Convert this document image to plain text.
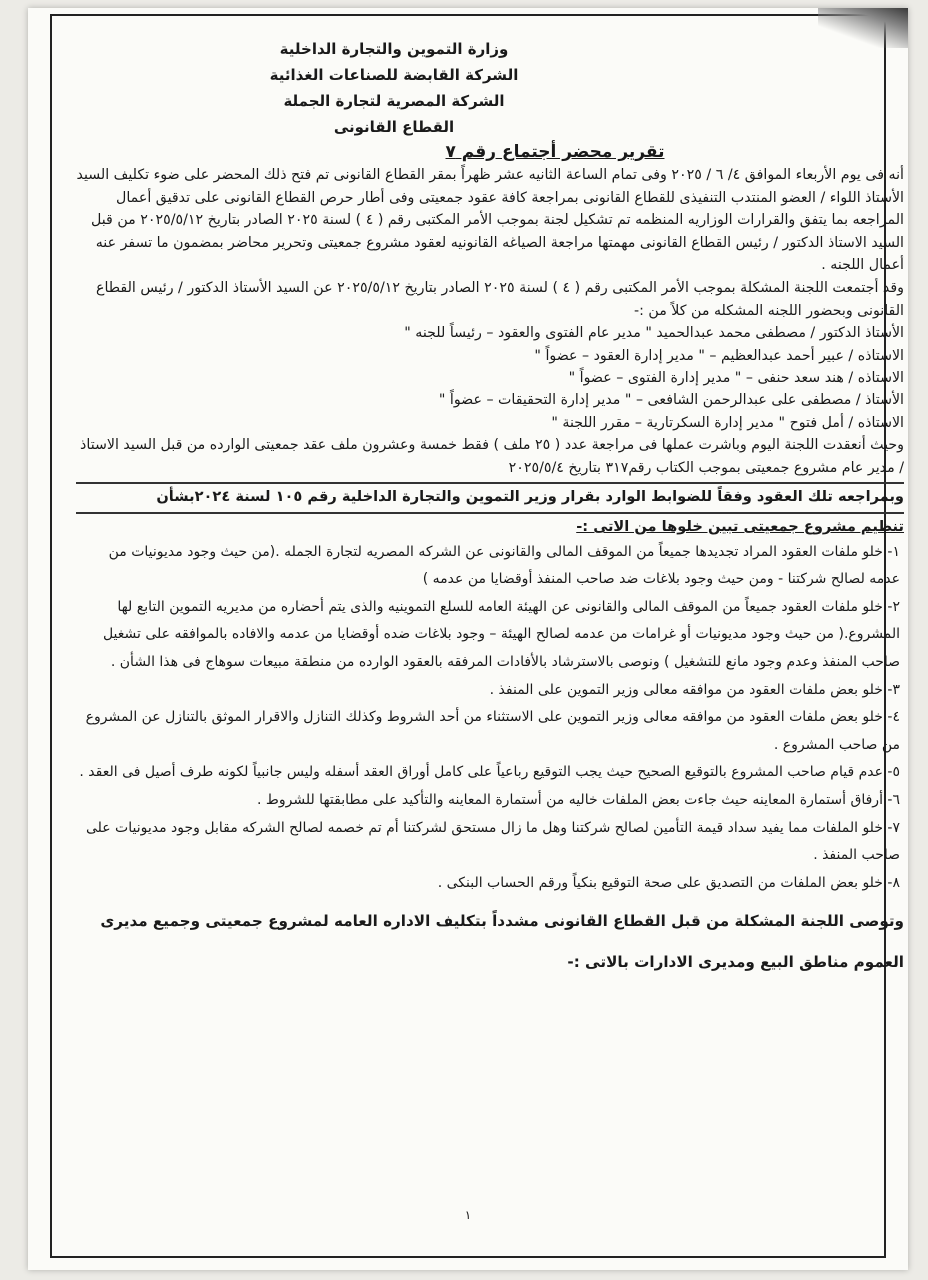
وزارة التموين والتجارة الداخلية
الشركة القابضة للصناعات الغذائية
الشركة المصرية لتجارة الجملة
القطاع القانونى
تقرير محضر أجتماع رقم ٧

أنه فى يوم الأربعاء الموافق ٤/ ٦ / ٢٠٢٥ وفى تمام الساعة الثانيه عشر ظهراً بمقر القطاع القانونى تم فتح ذلك المحضر على ضوء تكليف السيد الأستاذ اللواء / العضو المنتدب التنفيذى للقطاع القانونى بمراجعة كافة عقود جمعيتى وفى أطار حرص القطاع القانونى على تدقيق أعمال المراجعه بما يتفق والقرارات الوزاريه المنظمه تم تشكيل لجنة بموجب الأمر المكتبى رقم ( ٤ ) لسنة ٢٠٢٥ الصادر بتاريخ ٢٠٢٥/٥/١٢ من قبل السيد الاستاذ الدكتور / رئيس القطاع القانونى مهمتها مراجعة الصياغه القانونيه لعقود مشروع جمعيتى وتحرير محاضر بمضمون ما تسفر عنه أعمال اللجنه .

وقد أجتمعت اللجنة المشكلة بموجب الأمر المكتبى رقم ( ٤ ) لسنة ٢٠٢٥ الصادر بتاريخ ٢٠٢٥/٥/١٢ عن السيد الأستاذ الدكتور / رئيس القطاع القانونى وبحضور اللجنه المشكله من كلاً من :-

الأستاذ الدكتور / مصطفى محمد عبدالحميد " مدير عام الفتوى والعقود – رئيساً للجنه "

الاستاذه / عبير أحمد عبدالعظيم – " مدير إدارة العقود – عضواً "

الاستاذه / هند سعد حنفى – " مدير إدارة الفتوى – عضواً "

الأستاذ / مصطفى على عبدالرحمن الشافعى – " مدير إدارة التحقيقات – عضواً "

الاستاذه / أمل فتوح " مدير إدارة السكرتارية – مقرر اللجنة "

وحيث أنعقدت اللجنة اليوم وباشرت عملها فى مراجعة عدد ( ٢٥ ملف ) فقط خمسة وعشرون ملف عقد جمعيتى الوارده من قبل السيد الاستاذ / مدير عام مشروع جمعيتى بموجب الكتاب رقم٣١٧ بتاريخ ٢٠٢٥/٥/٤

وبمراجعه تلك العقود وفقاً للضوابط الوارد بقرار وزير التموين والتجارة الداخلية رقم ١٠٥ لسنة ٢٠٢٤بشأن

تنظيم مشروع جمعيتى تبين خلوها من الاتى :-

١- خلو ملفات العقود المراد تجديدها جميعاً من الموقف المالى والقانونى عن الشركه المصريه لتجارة الجمله .(من حيث وجود مديونيات من عدمه لصالح شركتنا - ومن حيث وجود بلاغات ضد صاحب المنفذ أوقضايا من عدمه )
٢- خلو ملفات العقود جميعاً من الموقف المالى والقانونى عن الهيئة العامه للسلع التموينيه والذى يتم أحضاره من مديريه التموين التابع لها المشروع.( من حيث وجود مديونيات أو غرامات من عدمه لصالح الهيئة – وجود بلاغات ضده أوقضايا من عدمه والافاده بالموافقه على تشغيل صاحب المنفذ وعدم وجود مانع للتشغيل ) ونوصى بالاسترشاد بالأفادات المرفقه بالعقود الوارده من منطقة مبيعات سوهاج فى هذا الشأن .
٣- خلو بعض ملفات العقود من موافقه معالى وزير التموين على المنفذ .
٤- خلو بعض ملفات العقود من موافقه معالى وزير التموين على الاستثناء من أحد الشروط وكذلك التنازل والاقرار الموثق بالتنازل عن المشروع من صاحب المشروع .
٥- عدم قيام صاحب المشروع بالتوقيع الصحيح حيث يجب التوقيع رباعياً على كامل أوراق العقد أسفله وليس جانبياً لكونه طرف أصيل فى العقد .
٦- أرفاق أستمارة المعاينه حيث جاءت بعض الملفات خاليه من أستمارة المعاينه والتأكيد على مطابقتها للشروط .
٧- خلو الملفات مما يفيد سداد قيمة التأمين لصالح شركتنا وهل ما زال مستحق لشركتنا أم تم خصمه لصالح الشركه مقابل وجود مديونيات على صاحب المنفذ .
٨- خلو بعض الملفات من التصديق على صحة التوقيع بنكياً ورقم الحساب البنكى .

وتوصى اللجنة المشكلة من قبل القطاع القانونى مشدداً بتكليف الاداره العامه لمشروع جمعيتى وجميع مديرى العموم مناطق البيع ومديرى الادارات بالاتى :-

١
